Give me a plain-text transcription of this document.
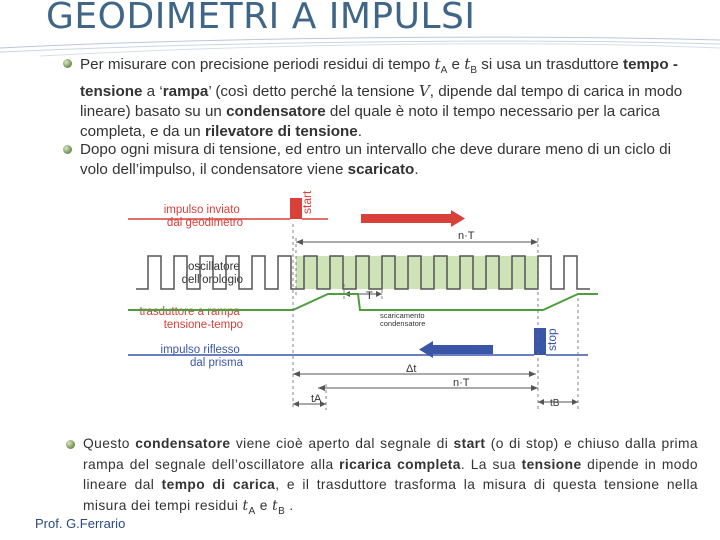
GEODIMETRI A IMPULSI
Per misurare con precisione periodi residui di tempo $t_A$ e $t_B$ si usa un trasduttore tempo -tensione a ‘rampa’ (così detto perché la tensione V, dipende dal tempo di carica in modo lineare) basato su un condensatore del quale è noto il tempo necessario per la carica completa, e da un rilevatore di tensione.
Dopo ogni misura di tensione, ed entro un intervallo che deve durare meno di un ciclo di volo dell’impulso, il condensatore viene scaricato.
Questo condensatore viene cioè aperto dal segnale di start (o di stop) e chiuso dalla prima rampa del segnale dell’oscillatore alla ricarica completa. La sua tensione dipende in modo lineare dal tempo di carica, e il trasduttore trasforma la misura di questa tensione nella misura dei tempi residui $t_A$ e $t_B$ .
impulso inviato dal geodimetro
oscillatore dell’orologio
trasduttore a rampa tensione-tempo
impulso riflesso dal prisma
start
n·T
T
scaricamento condensatore
stop
Δt
n·T
tA	tB
Prof. G.Ferrario
